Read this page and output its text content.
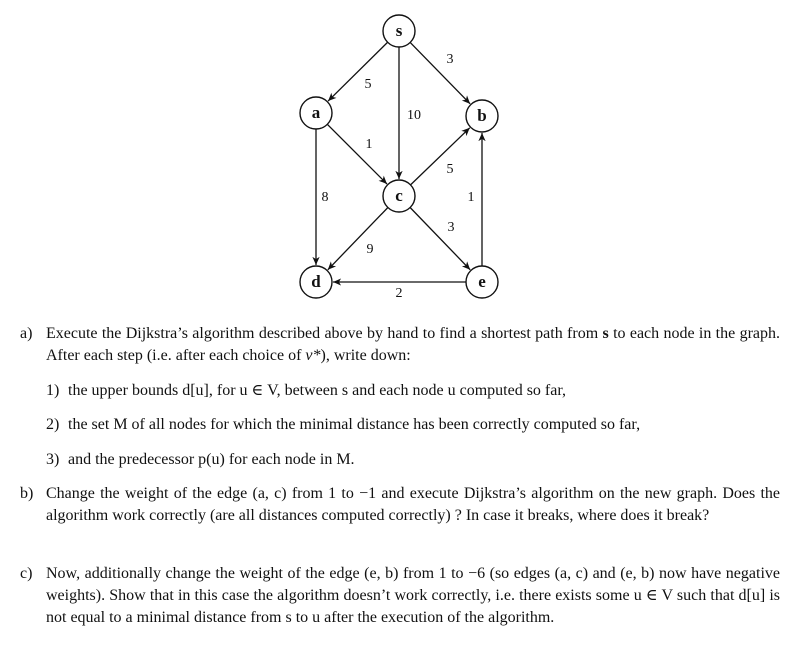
5
3
10
1
8
5
9
3
1
2
s
a	b
c
d	e
a) Execute the Dijkstra’s algorithm described above by hand to find a shortest path from s to each node in the graph. After each step (i.e. after each choice of v*), write down:
1) the upper bounds d[u], for u ∈ V, between s and each node u computed so far,
2) the set M of all nodes for which the minimal distance has been correctly computed so far,
3) and the predecessor p(u) for each node in M.
b) Change the weight of the edge (a, c) from 1 to −1 and execute Dijkstra’s algorithm on the new graph. Does the algorithm work correctly (are all distances computed correctly) ? In case it breaks, where does it break?
c) Now, additionally change the weight of the edge (e, b) from 1 to −6 (so edges (a, c) and (e, b) now have negative weights). Show that in this case the algorithm doesn’t work correctly, i.e. there exists some u ∈ V such that d[u] is not equal to a minimal distance from s to u after the execution of the algorithm.
